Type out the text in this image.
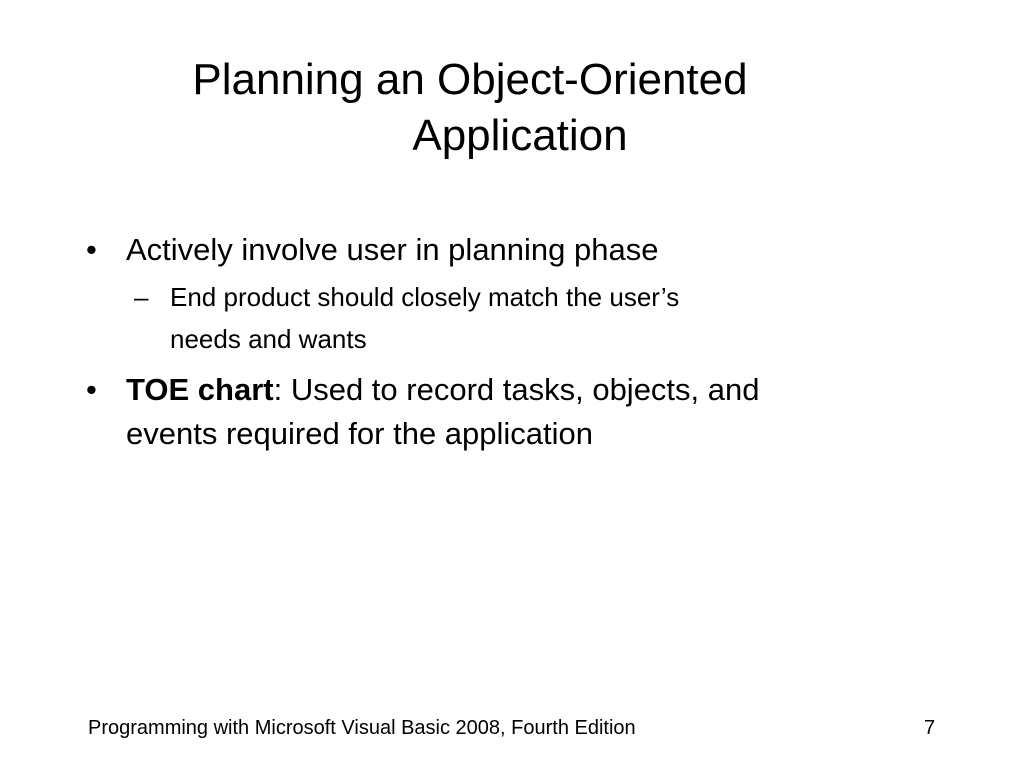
Planning an Object-Oriented
Application
• Actively involve user in planning phase
– End product should closely match the user’s
needs and wants
• TOE chart: Used to record tasks, objects, and
events required for the application
Programming with Microsoft Visual Basic 2008, Fourth Edition	7
